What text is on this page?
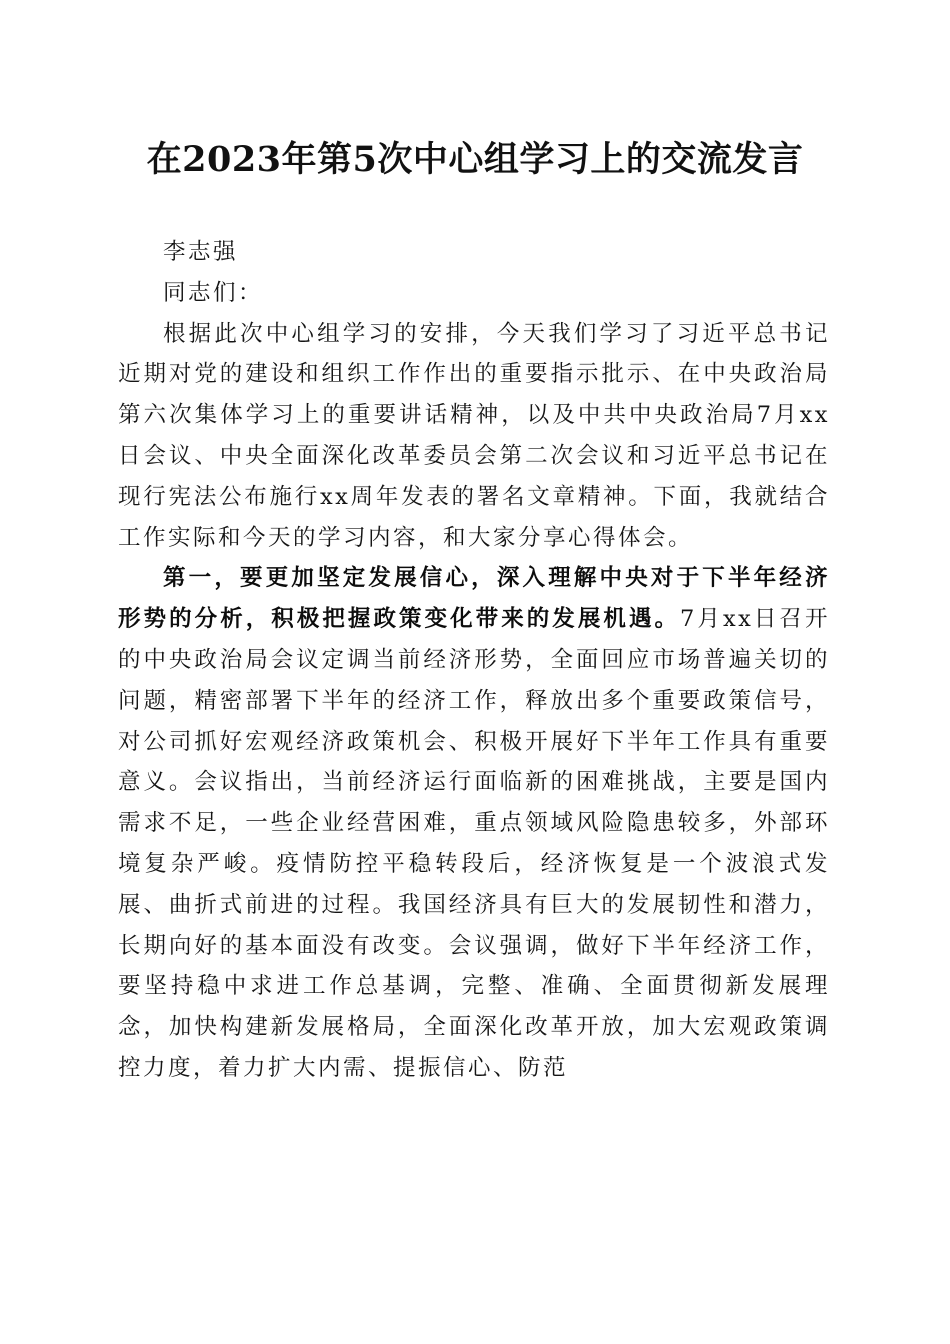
在2023年第5次中心组学习上的交流发言

李志强

同志们：

根据此次中心组学习的安排，今天我们学习了习近平总书记近期对党的建设和组织工作作出的重要指示批示、在中央政治局第六次集体学习上的重要讲话精神，以及中共中央政治局7月xx日会议、中央全面深化改革委员会第二次会议和习近平总书记在现行宪法公布施行xx周年发表的署名文章精神。下面，我就结合工作实际和今天的学习内容，和大家分享心得体会。

第一，要更加坚定发展信心，深入理解中央对于下半年经济形势的分析，积极把握政策变化带来的发展机遇。7月xx日召开的中央政治局会议定调当前经济形势，全面回应市场普遍关切的问题，精密部署下半年的经济工作，释放出多个重要政策信号，对公司抓好宏观经济政策机会、积极开展好下半年工作具有重要意义。会议指出，当前经济运行面临新的困难挑战，主要是国内需求不足，一些企业经营困难，重点领域风险隐患较多，外部环境复杂严峻。疫情防控平稳转段后，经济恢复是一个波浪式发展、曲折式前进的过程。我国经济具有巨大的发展韧性和潜力，长期向好的基本面没有改变。会议强调，做好下半年经济工作，要坚持稳中求进工作总基调，完整、准确、全面贯彻新发展理念，加快构建新发展格局，全面深化改革开放，加大宏观政策调控力度，着力扩大内需、提振信心、防范
